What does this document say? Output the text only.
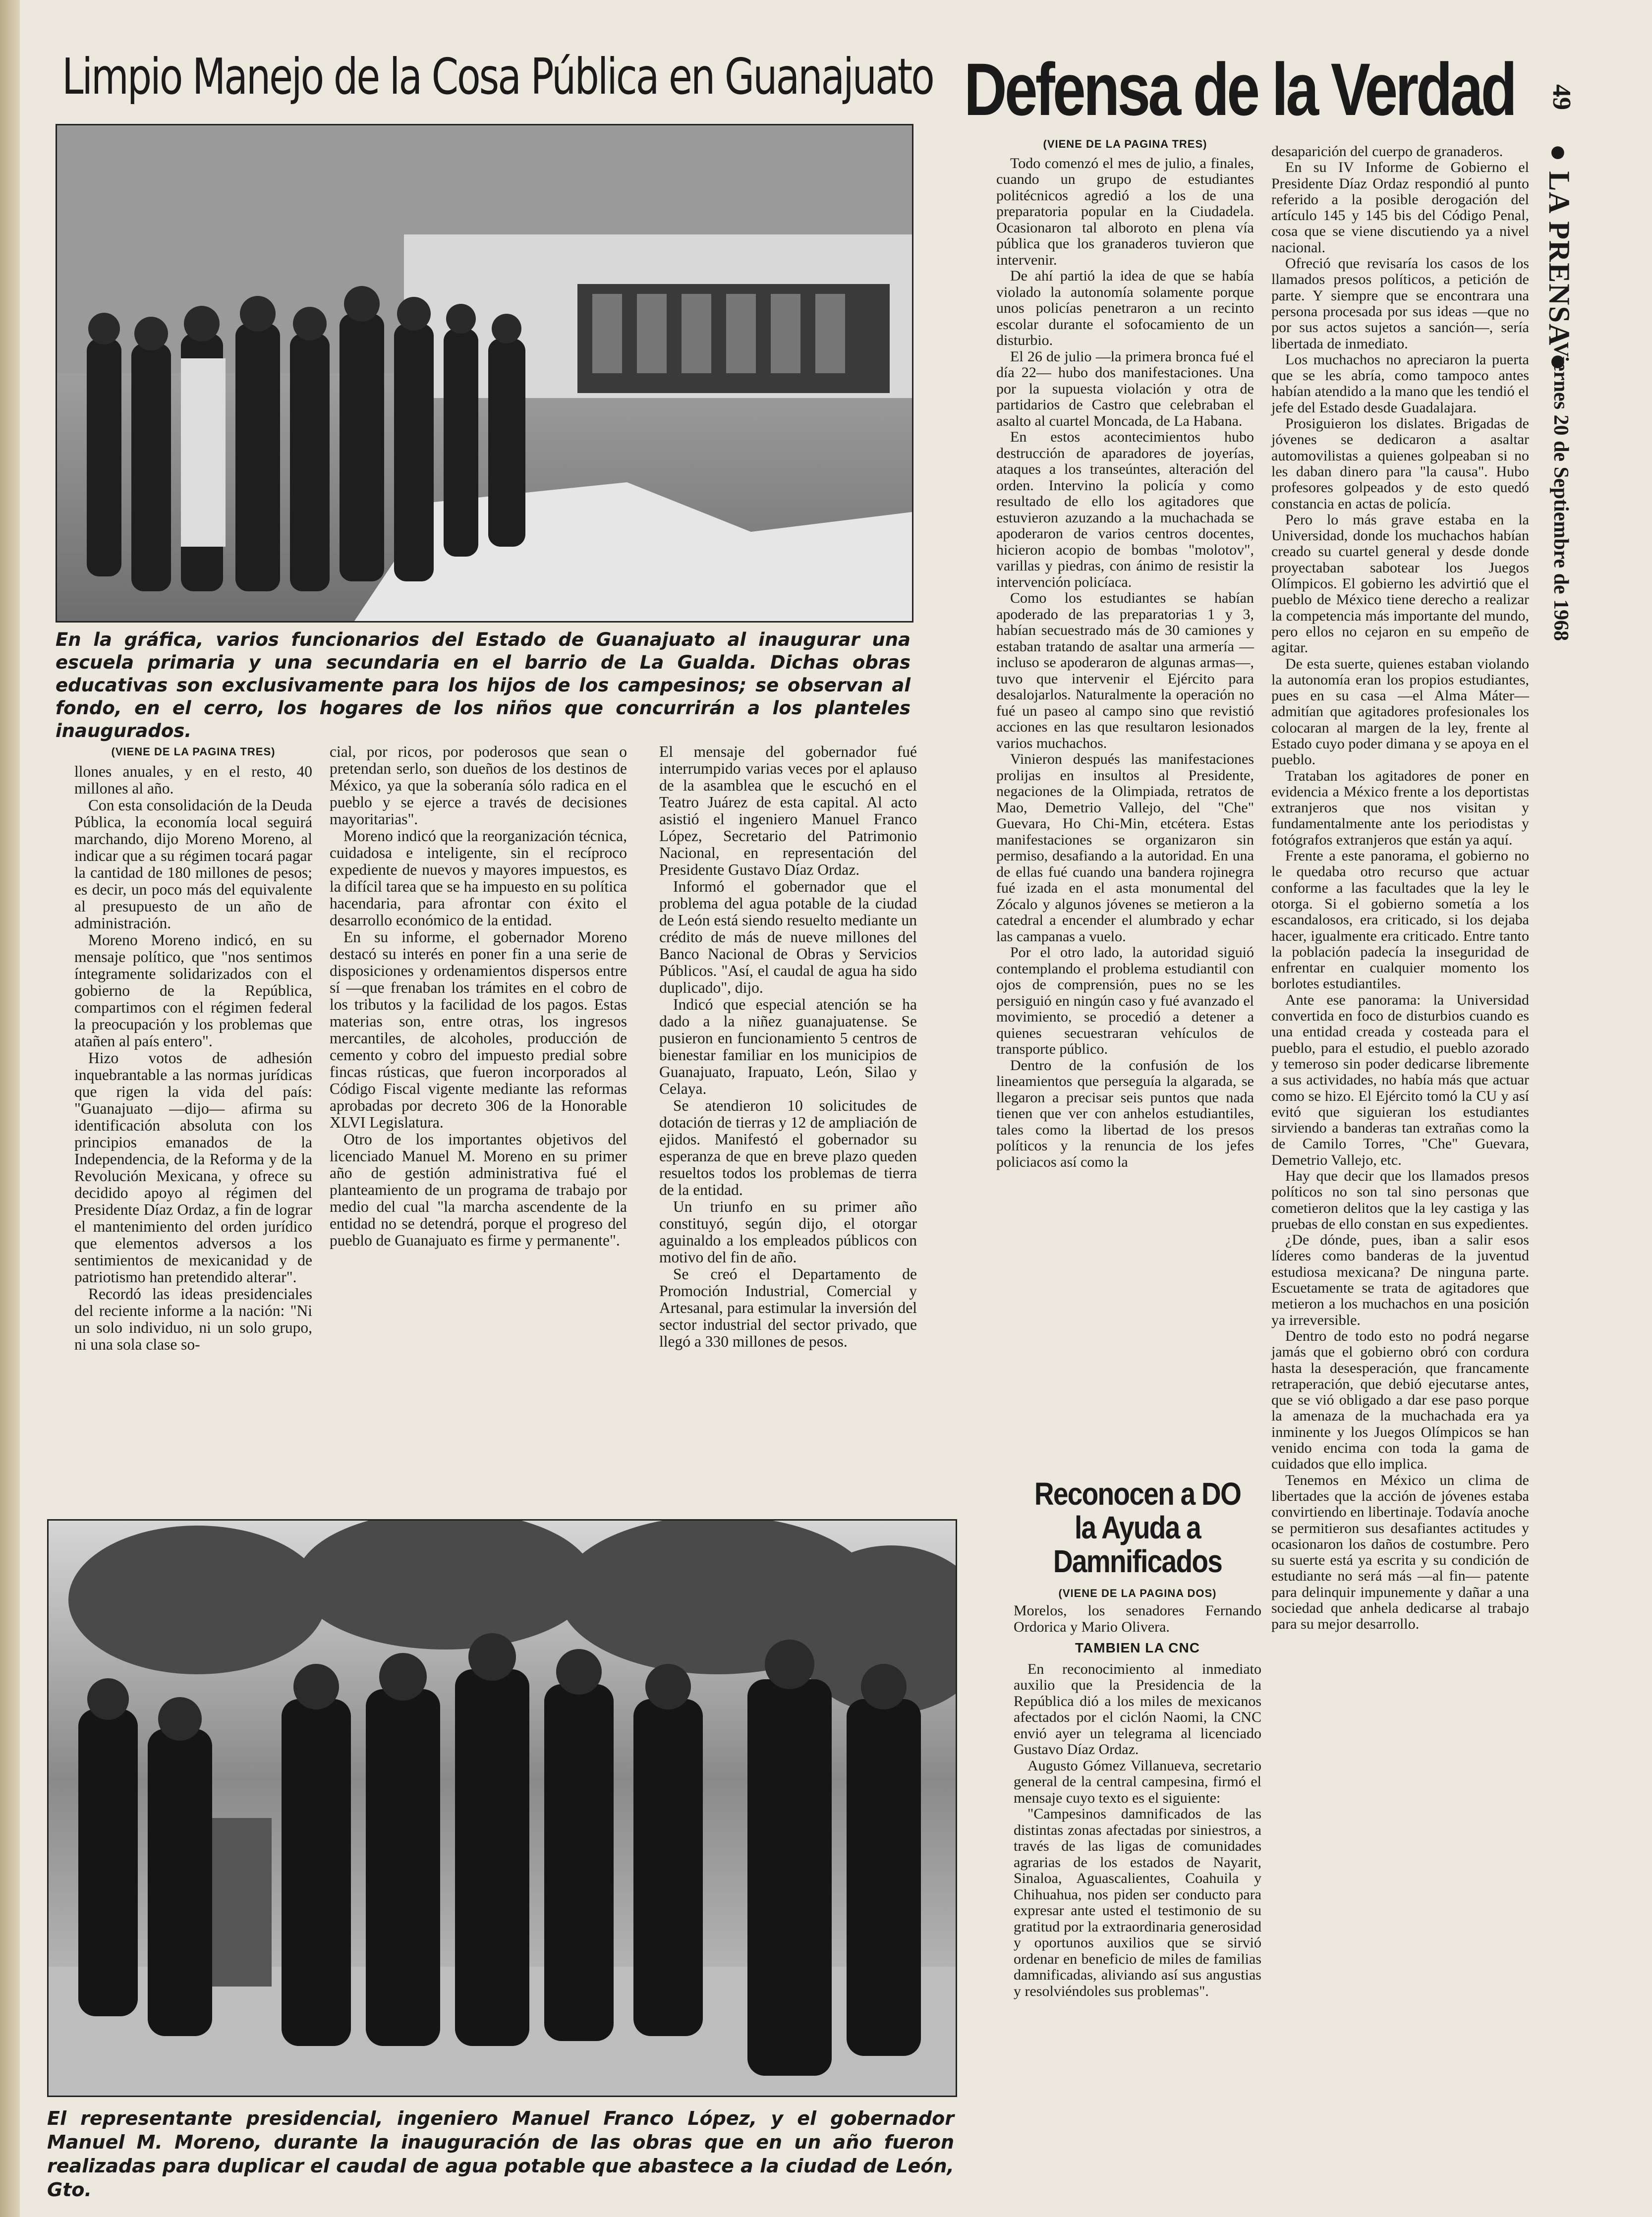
Limpio Manejo de la Cosa Pública en Guanajuato Defensa de la Verdad 49
● LA PRENSA ●
Viernes 20 de Septiembre de 1968
En la gráfica, varios funcionarios del Estado de Guanajuato al inaugurar una escuela primaria y una secundaria en el barrio de La Gualda. Dichas obras educativas son exclusivamente para los hijos de los campesinos; se observan al fondo, en el cerro, los hogares de los niños que concurrirán a los planteles inaugurados.
(VIENE DE LA PAGINA TRES)

llones anuales, y en el resto, 40 millones al año.

Con esta consolidación de la Deuda Pública, la economía local seguirá marchando, dijo Moreno Moreno, al indicar que a su régimen tocará pagar la cantidad de 180 millones de pesos; es decir, un poco más del equivalente al presupuesto de un año de administración.

Moreno Moreno indicó, en su mensaje político, que "nos sentimos íntegramente solidarizados con el gobierno de la República, compartimos con el régimen federal la preocupación y los problemas que atañen al país entero".

Hizo votos de adhesión inquebrantable a las normas jurídicas que rigen la vida del país: "Guanajuato —dijo— afirma su identificación absoluta con los principios emanados de la Independencia, de la Reforma y de la Revolución Mexicana, y ofrece su decidido apoyo al régimen del Presidente Díaz Ordaz, a fin de lograr el mantenimiento del orden jurídico que elementos adversos a los sentimientos de mexicanidad y de patriotismo han pretendido alterar".

Recordó las ideas presidenciales del reciente informe a la nación: "Ni un solo individuo, ni un solo grupo, ni una sola clase so-

cial, por ricos, por poderosos que sean o pretendan serlo, son dueños de los destinos de México, ya que la soberanía sólo radica en el pueblo y se ejerce a través de decisiones mayoritarias".

Moreno indicó que la reorganización técnica, cuidadosa e inteligente, sin el recíproco expediente de nuevos y mayores impuestos, es la difícil tarea que se ha impuesto en su política hacendaria, para afrontar con éxito el desarrollo económico de la entidad.

En su informe, el gobernador Moreno destacó su interés en poner fin a una serie de disposiciones y ordenamientos dispersos entre sí —que frenaban los trámites en el cobro de los tributos y la facilidad de los pagos. Estas materias son, entre otras, los ingresos mercantiles, de alcoholes, producción de cemento y cobro del impuesto predial sobre fincas rústicas, que fueron incorporados al Código Fiscal vigente mediante las reformas aprobadas por decreto 306 de la Honorable XLVI Legislatura.

Otro de los importantes objetivos del licenciado Manuel M. Moreno en su primer año de gestión administrativa fué el planteamiento de un programa de trabajo por medio del cual "la marcha ascendente de la entidad no se detendrá, porque el progreso del pueblo de Guanajuato es firme y permanente".

El mensaje del gobernador fué interrumpido varias veces por el aplauso de la asamblea que le escuchó en el Teatro Juárez de esta capital. Al acto asistió el ingeniero Manuel Franco López, Secretario del Patrimonio Nacional, en representación del Presidente Gustavo Díaz Ordaz.

Informó el gobernador que el problema del agua potable de la ciudad de León está siendo resuelto mediante un crédito de más de nueve millones del Banco Nacional de Obras y Servicios Públicos. "Así, el caudal de agua ha sido duplicado", dijo.

Indicó que especial atención se ha dado a la niñez guanajuatense. Se pusieron en funcionamiento 5 centros de bienestar familiar en los municipios de Guanajuato, Irapuato, León, Silao y Celaya.

Se atendieron 10 solicitudes de dotación de tierras y 12 de ampliación de ejidos. Manifestó el gobernador su esperanza de que en breve plazo queden resueltos todos los problemas de tierra de la entidad.

Un triunfo en su primer año constituyó, según dijo, el otorgar aguinaldo a los empleados públicos con motivo del fin de año.

Se creó el Departamento de Promoción Industrial, Comercial y Artesanal, para estimular la inversión del sector industrial del sector privado, que llegó a 330 millones de pesos.

(VIENE DE LA PAGINA TRES)

Todo comenzó el mes de julio, a finales, cuando un grupo de estudiantes politécnicos agredió a los de una preparatoria popular en la Ciudadela. Ocasionaron tal alboroto en plena vía pública que los granaderos tuvieron que intervenir.

De ahí partió la idea de que se había violado la autonomía solamente porque unos policías penetraron a un recinto escolar durante el sofocamiento de un disturbio.

El 26 de julio —la primera bronca fué el día 22— hubo dos manifestaciones. Una por la supuesta violación y otra de partidarios de Castro que celebraban el asalto al cuartel Moncada, de La Habana.

En estos acontecimientos hubo destrucción de aparadores de joyerías, ataques a los transeúntes, alteración del orden. Intervino la policía y como resultado de ello los agitadores que estuvieron azuzando a la muchachada se apoderaron de varios centros docentes, hicieron acopio de bombas "molotov", varillas y piedras, con ánimo de resistir la intervención policíaca.

Como los estudiantes se habían apoderado de las preparatorias 1 y 3, habían secuestrado más de 30 camiones y estaban tratando de asaltar una armería —incluso se apoderaron de algunas armas—, tuvo que intervenir el Ejército para desalojarlos. Naturalmente la operación no fué un paseo al campo sino que revistió acciones en las que resultaron lesionados varios muchachos.

Vinieron después las manifestaciones prolijas en insultos al Presidente, negaciones de la Olimpiada, retratos de Mao, Demetrio Vallejo, del "Che" Guevara, Ho Chi-Min, etcétera. Estas manifestaciones se organizaron sin permiso, desafiando a la autoridad. En una de ellas fué cuando una bandera rojinegra fué izada en el asta monumental del Zócalo y algunos jóvenes se metieron a la catedral a encender el alumbrado y echar las campanas a vuelo.

Por el otro lado, la autoridad siguió contemplando el problema estudiantil con ojos de comprensión, pues no se les persiguió en ningún caso y fué avanzado el movimiento, se procedió a detener a quienes secuestraran vehículos de transporte público.

Dentro de la confusión de los lineamientos que perseguía la algarada, se llegaron a precisar seis puntos que nada tienen que ver con anhelos estudiantiles, tales como la libertad de los presos políticos y la renuncia de los jefes policiacos así como la

desaparición del cuerpo de granaderos.

En su IV Informe de Gobierno el Presidente Díaz Ordaz respondió al punto referido a la posible derogación del artículo 145 y 145 bis del Código Penal, cosa que se viene discutiendo ya a nivel nacional.

Ofreció que revisaría los casos de los llamados presos políticos, a petición de parte. Y siempre que se encontrara una persona procesada por sus ideas —que no por sus actos sujetos a sanción—, sería libertada de inmediato.

Los muchachos no apreciaron la puerta que se les abría, como tampoco antes habían atendido a la mano que les tendió el jefe del Estado desde Guadalajara.

Prosiguieron los dislates. Brigadas de jóvenes se dedicaron a asaltar automovilistas a quienes golpeaban si no les daban dinero para "la causa". Hubo profesores golpeados y de esto quedó constancia en actas de policía.

Pero lo más grave estaba en la Universidad, donde los muchachos habían creado su cuartel general y desde donde proyectaban sabotear los Juegos Olímpicos. El gobierno les advirtió que el pueblo de México tiene derecho a realizar la competencia más importante del mundo, pero ellos no cejaron en su empeño de agitar.

De esta suerte, quienes estaban violando la autonomía eran los propios estudiantes, pues en su casa —el Alma Máter— admitían que agitadores profesionales los colocaran al margen de la ley, frente al Estado cuyo poder dimana y se apoya en el pueblo.

Trataban los agitadores de poner en evidencia a México frente a los deportistas extranjeros que nos visitan y fundamentalmente ante los periodistas y fotógrafos extranjeros que están ya aquí.

Frente a este panorama, el gobierno no le quedaba otro recurso que actuar conforme a las facultades que la ley le otorga. Si el gobierno sometía a los escandalosos, era criticado, si los dejaba hacer, igualmente era criticado. Entre tanto la población padecía la inseguridad de enfrentar en cualquier momento los borlotes estudiantiles.

Ante ese panorama: la Universidad convertida en foco de disturbios cuando es una entidad creada y costeada para el pueblo, para el estudio, el pueblo azorado y temeroso sin poder dedicarse libremente a sus actividades, no había más que actuar como se hizo. El Ejército tomó la CU y así evitó que siguieran los estudiantes sirviendo a banderas tan extrañas como la de Camilo Torres, "Che" Guevara, Demetrio Vallejo, etc.

Hay que decir que los llamados presos políticos no son tal sino personas que cometieron delitos que la ley castiga y las pruebas de ello constan en sus expedientes.

¿De dónde, pues, iban a salir esos líderes como banderas de la juventud estudiosa mexicana? De ninguna parte. Escuetamente se trata de agitadores que metieron a los muchachos en una posición ya irreversible.

Dentro de todo esto no podrá negarse jamás que el gobierno obró con cordura hasta la desesperación, que francamente retraperación, que debió ejecutarse antes, que se vió obligado a dar ese paso porque la amenaza de la muchachada era ya inminente y los Juegos Olímpicos se han venido encima con toda la gama de cuidados que ello implica.

Tenemos en México un clima de libertades que la acción de jóvenes estaba convirtiendo en libertinaje. Todavía anoche se permitieron sus desafiantes actitudes y ocasionaron los daños de costumbre. Pero su suerte está ya escrita y su condición de estudiante no será más —al fin— patente para delinquir impunemente y dañar a una sociedad que anhela dedicarse al trabajo para su mejor desarrollo.

El representante presidencial, ingeniero Manuel Franco López, y el gobernador Manuel M. Moreno, durante la inauguración de las obras que en un año fueron realizadas para duplicar el caudal de agua potable que abastece a la ciudad de León, Gto.
Reconocen a DO la Ayuda a Damnificados
(VIENE DE LA PAGINA DOS)

Morelos, los senadores Fernando Ordorica y Mario Olivera.

TAMBIEN LA CNC

En reconocimiento al inmediato auxilio que la Presidencia de la República dió a los miles de mexicanos afectados por el ciclón Naomi, la CNC envió ayer un telegrama al licenciado Gustavo Díaz Ordaz.

Augusto Gómez Villanueva, secretario general de la central campesina, firmó el mensaje cuyo texto es el siguiente:

"Campesinos damnificados de las distintas zonas afectadas por siniestros, a través de las ligas de comunidades agrarias de los estados de Nayarit, Sinaloa, Aguascalientes, Coahuila y Chihuahua, nos piden ser conducto para expresar ante usted el testimonio de su gratitud por la extraordinaria generosidad y oportunos auxilios que se sirvió ordenar en beneficio de miles de familias damnificadas, aliviando así sus angustias y resolviéndoles sus problemas".
